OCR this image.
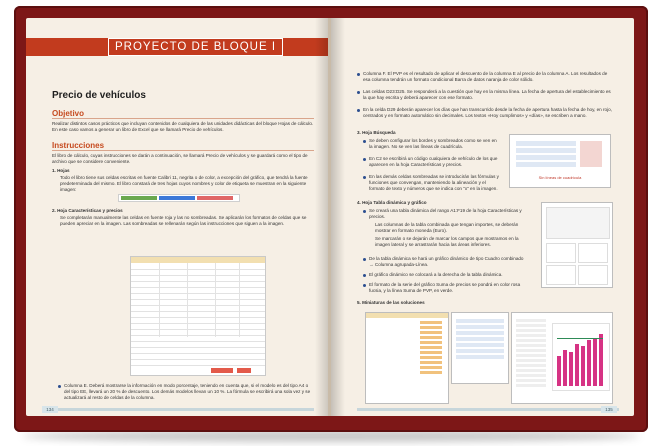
PROYECTO DE BLOQUE I
Precio de vehículos
Objetivo
Realizar distintos casos prácticos que incluyan contenidos de cualquiera de las unidades didácticas del bloque Hojas de cálculo. En este caso vamos a generar un libro de Excel que se llamará Precio de vehículos.
Instrucciones
El libro de cálculo, cuyas instrucciones se darán a continuación, se llamará Precio de vehículos y se guardará como el tipo de archivo que se considere conveniente.
1. Hojas
Todo el libro tiene sus celdas escritas en fuente Calibri 11, negrita o de color, a excepción del gráfico, que tendrá la fuente predeterminada del mismo. El libro constará de tres hojas cuyos nombres y color de etiqueta se muestran en la siguiente imagen:
2. Hoja Características y precios
Se completarán manualmente las celdas en fuente roja y las no sombreadas. Se aplicarán los formatos de celdas que se pueden apreciar en la imagen. Las sombreadas se rellenarán según las instrucciones que siguen a la imagen.
Columna E. Deberá mostrarse la información en modo porcentaje, teniendo en cuenta que, si el modelo es del tipo A4 o del tipo EE, llevará un 20 % de descuento. Los demás modelos llevan un 10 %. La fórmula se escribirá una sola vez y se actualizará al resto de celdas de la columna.
134
Columna F. El PVP es el resultado de aplicar el descuento de la columna E al precio de la columna A. Los resultados de esa columna tendrán un formato condicional Barra de datos naranja de color sólido.
Las celdas D23:D25. Se responderá a la cuestión que hay en la misma línea. La fecha de apertura del establecimiento es la que hay escrita y deberá aparecer con ese formato.
En la celda D29 deberán aparecer los días que han transcurrido desde la fecha de apertura hasta la fecha de hoy, en rojo, centrados y en formato automático sin decimales. Los textos «Hoy cumplimos» y «días», se escriben a mano.
3. Hoja Búsqueda
Se deben configurar los bordes y sombreados como se ven en la imagen. No se ven las líneas de cuadrícula.
En C2 se escribirá un código cualquiera de vehículo de los que aparecen en la hoja Características y precios.
En las demás celdas sombreadas se introducirán las fórmulas y funciones que convengan, manteniendo la alineación y el formato de texto y números que se indica con "x" en la imagen.
Sin líneas de cuadrícula
4. Hoja Tabla dinámica y gráfico
Se creará una tabla dinámica del rango A1:F19 de la hoja Características y precios.
Las columnas de la tabla combinada que tengan importes, se deberán mostrar en formato moneda (Euro).
Se marcarán o se dejarán de marcar los campos que mostramos en la imagen lateral y se arrastrarán hacia las áreas inferiores.
De la tabla dinámica se hará un gráfico dinámico de tipo Cuadro combinado → Columna agrupada-Línea.
El gráfico dinámico se colocará a la derecha de la tabla dinámica.
El formato de la serie del gráfico Suma de precios se pondrá en color rosa fucsia, y la línea Suma de PVP, en verde.
5. Miniaturas de las soluciones
135
